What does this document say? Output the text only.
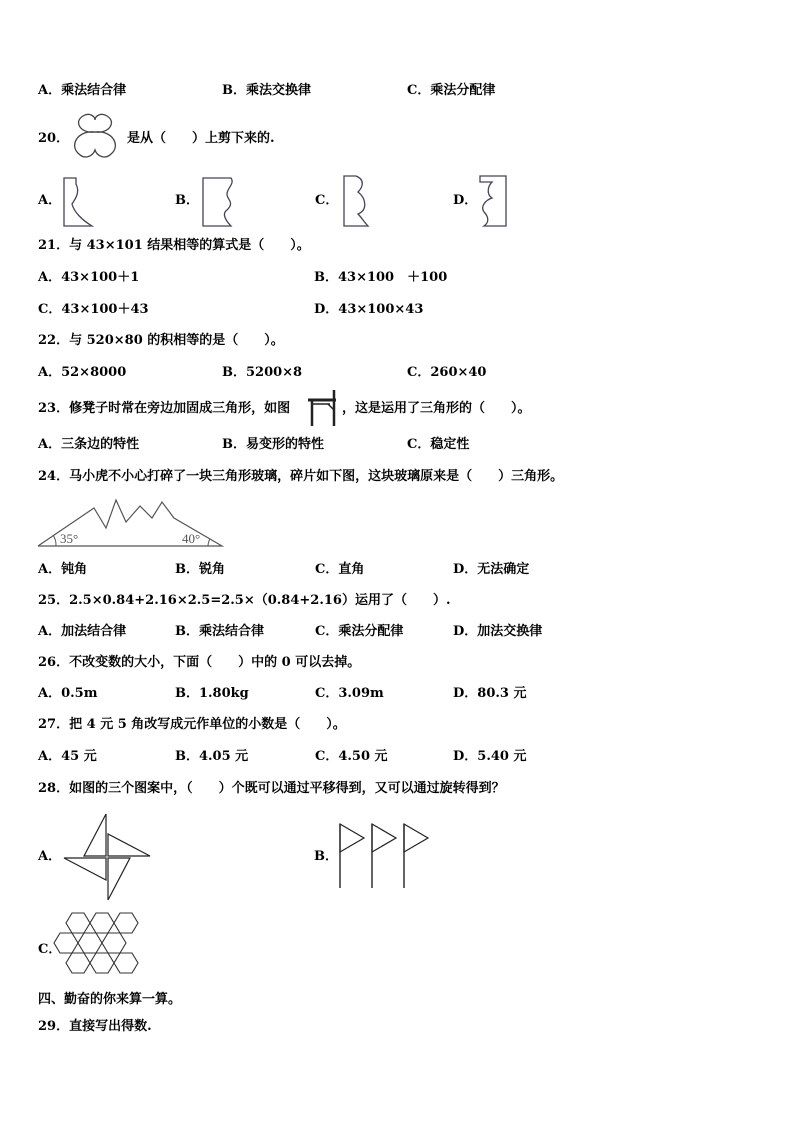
A．乘法结合律	B．乘法交换律	C．乘法分配律
20．	是从（　　）上剪下来的.
A．	B．	C．	D．
21．与 43×101 结果相等的算式是（　　）。
A．43×100＋1	B．43×100　＋100
C．43×100＋43	D．43×100×43
22．与 520×80 的积相等的是（　　）。
A．52×8000	B．5200×8	C．260×40
23．修凳子时常在旁边加固成三角形，如图	，这是运用了三角形的（　　）。
A．三条边的特性	B．易变形的特性	C．稳定性
24．马小虎不小心打碎了一块三角形玻璃，碎片如下图，这块玻璃原来是（　　）三角形。
35°	40°
A．钝角	B．锐角	C．直角	D．无法确定
25．2.5×0.84+2.16×2.5=2.5×（0.84+2.16）运用了（　　）.
A．加法结合律	B．乘法结合律	C．乘法分配律	D．加法交换律
26．不改变数的大小，下面（　　）中的 0 可以去掉。
A．0.5m	B．1.80kg	C．3.09m	D．80.3 元
27．把 4 元 5 角改写成元作单位的小数是（　　）。
A．45 元	B．4.05 元	C．4.50 元	D．5.40 元
28．如图的三个图案中，（　　）个既可以通过平移得到，又可以通过旋转得到？
A．	B．
C．
四、勤奋的你来算一算。
29．直接写出得数.
